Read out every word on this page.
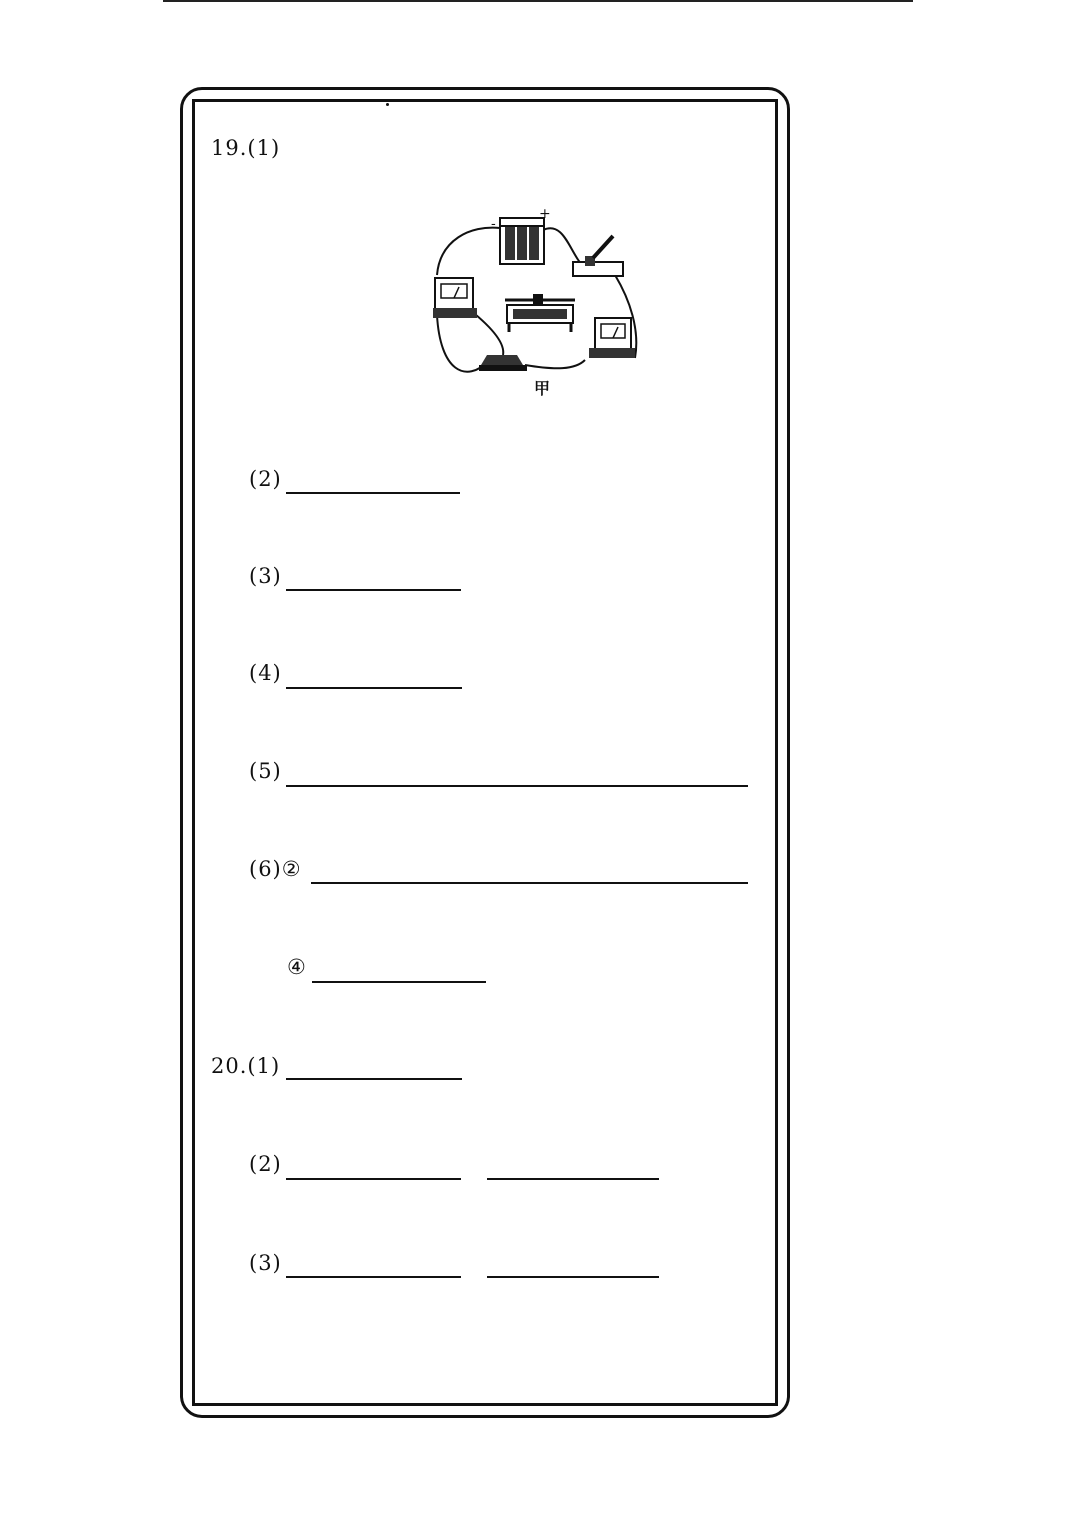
19.(1)
-
+
甲
(2)
(3)
(4)
(5)
(6)②
④
20.(1)
(2)
(3)
